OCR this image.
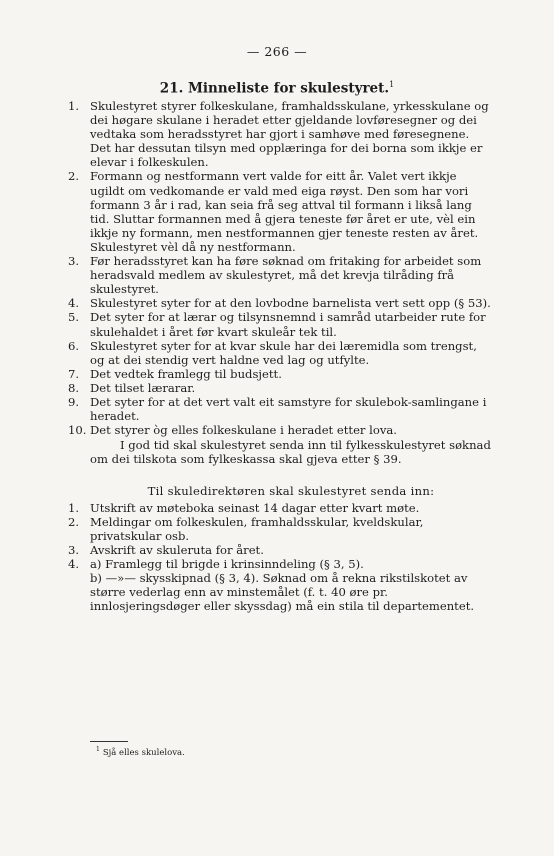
— 266 —
21. Minneliste for skulestyret.$^1$
1. Skulestyret styrer folkeskulane, framhaldsskulane, yrkesskulane og dei høgare skulane i heradet etter gjeldande lovføresegner og dei vedtaka som heradsstyret har gjort i samhøve med føresegnene. Det har dessutan tilsyn med opplæringa for dei borna som ikkje er elevar i folkeskulen.
2. Formann og nestformann vert valde for eitt år. Valet vert ikkje ugildt om vedkomande er vald med eiga røyst. Den som har vori formann 3 år i rad, kan seia frå seg attval til formann i likså lang tid. Sluttar formannen med å gjera teneste før året er ute, vèl ein ikkje ny formann, men nestformannen gjer teneste resten av året. Skulestyret vèl då ny nestformann.
3. Før heradsstyret kan ha føre søknad om fritaking for arbeidet som heradsvald medlem av skulestyret, må det krevja tilråding frå skulestyret.
4. Skulestyret syter for at den lovbodne barnelista vert sett opp (§ 53).
5. Det syter for at lærar og tilsynsnemnd i samråd utarbeider rute for skulehaldet i året før kvart skuleår tek til.
6. Skulestyret syter for at kvar skule har dei læremidla som trengst, og at dei stendig vert haldne ved lag og utfylte.
7. Det vedtek framlegg til budsjett.
8. Det tilset lærarar.
9. Det syter for at det vert valt eit samstyre for skulebok-samlingane i heradet.
10. Det styrer òg elles folkeskulane i heradet etter lova.
I god tid skal skulestyret senda inn til fylkesskulestyret søknad om dei tilskota som fylkeskassa skal gjeva etter § 39.
Til skuledirektøren skal skulestyret senda inn:
1. Utskrift av møteboka seinast 14 dagar etter kvart møte.
2. Meldingar om folkeskulen, framhaldsskular, kveldskular, privatskular osb.
3. Avskrift av skuleruta for året.
4. a) Framlegg til brigde i krinsinndeling (§ 3, 5).
b) —»— skysskipnad (§ 3, 4). Søknad om å rekna rikstilskotet av større vederlag enn av minstemålet (f. t. 40 øre pr. innlosjeringsdøger eller skyssdag) må ein stila til departementet.
$^1$ Sjå elles skulelova.
